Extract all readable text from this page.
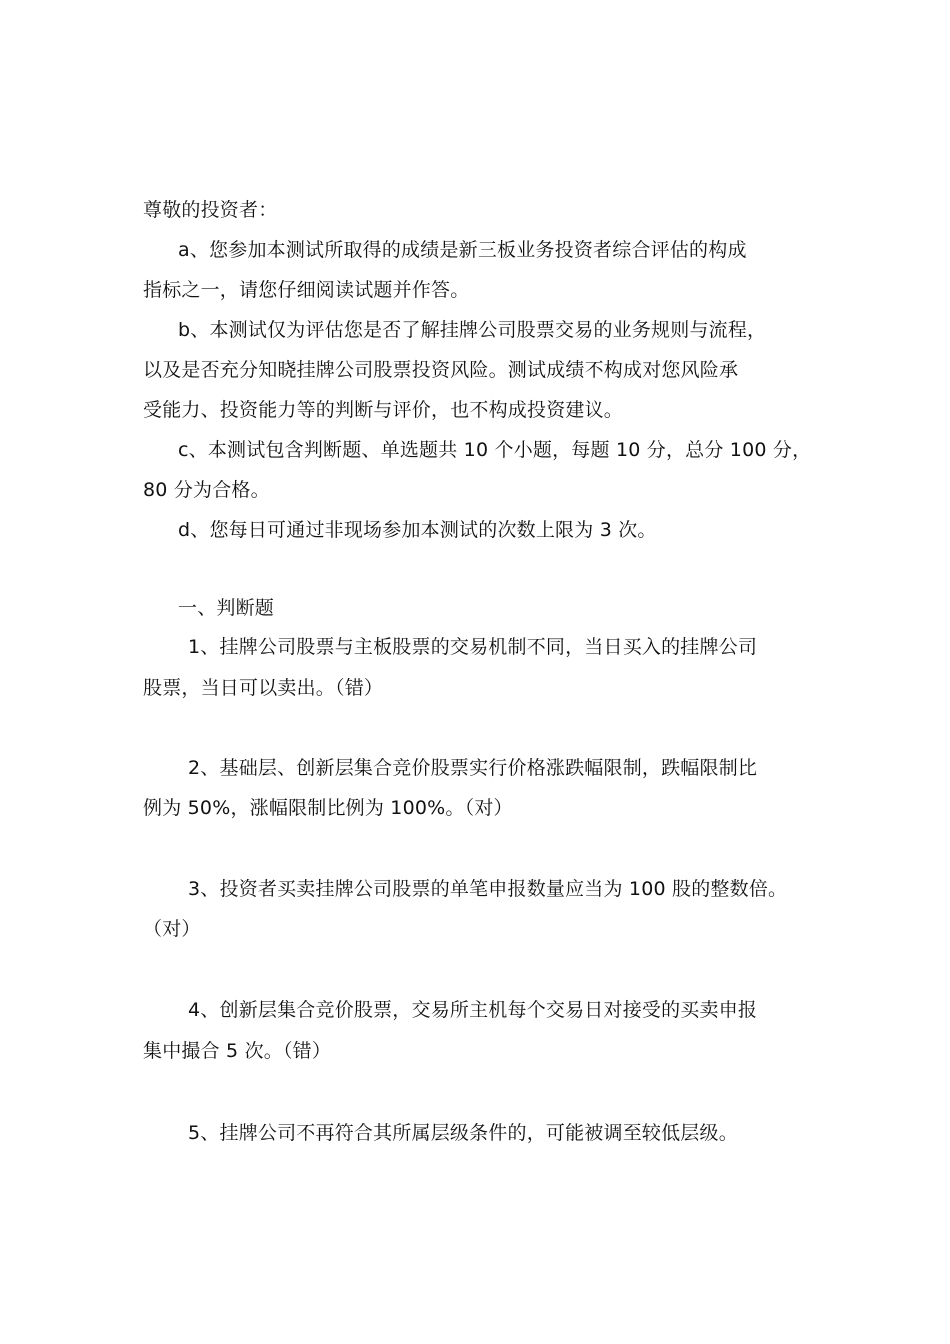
尊敬的投资者：
a、您参加本测试所取得的成绩是新三板业务投资者综合评估的构成
指标之一，请您仔细阅读试题并作答。
b、本测试仅为评估您是否了解挂牌公司股票交易的业务规则与流程，
以及是否充分知晓挂牌公司股票投资风险。测试成绩不构成对您风险承
受能力、投资能力等的判断与评价，也不构成投资建议。
c、本测试包含判断题、单选题共 10 个小题，每题 10 分，总分 100 分，
80 分为合格。
d、您每日可通过非现场参加本测试的次数上限为 3 次。
一、判断题
1、挂牌公司股票与主板股票的交易机制不同，当日买入的挂牌公司
股票，当日可以卖出。（错）
2、基础层、创新层集合竞价股票实行价格涨跌幅限制，跌幅限制比
例为 50%，涨幅限制比例为 100%。（对）
3、投资者买卖挂牌公司股票的单笔申报数量应当为 100 股的整数倍。
（对）
4、创新层集合竞价股票，交易所主机每个交易日对接受的买卖申报
集中撮合 5 次。（错）
5、挂牌公司不再符合其所属层级条件的，可能被调至较低层级。
